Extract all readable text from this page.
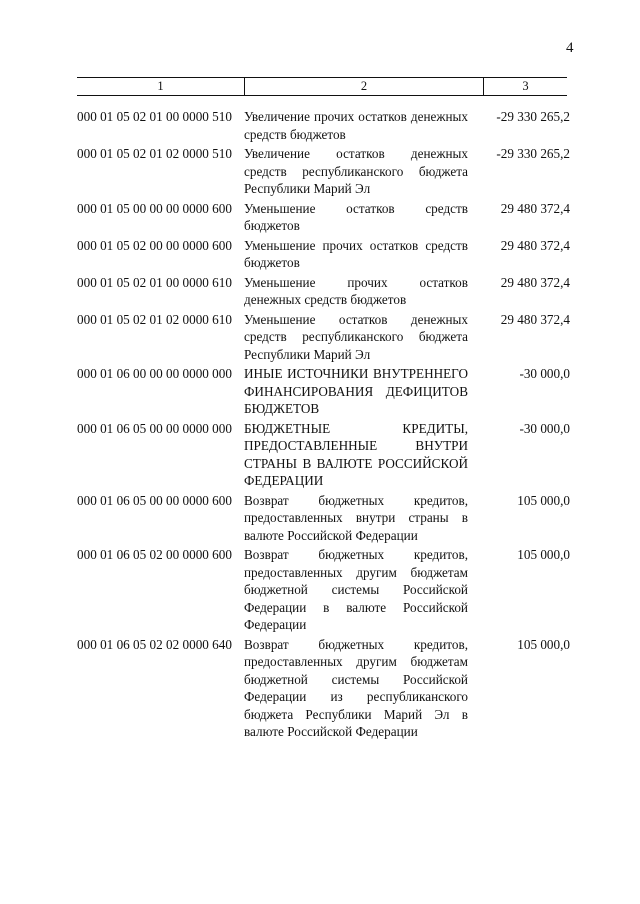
4
1	2	3
000 01 05 02 01 00 0000 510 Увеличение прочих остатков денежных средств бюджетов
-29 330 265,2
000 01 05 02 01 02 0000 510 Увеличение остатков денежных средств республиканского бюджета Республики Марий Эл
-29 330 265,2
000 01 05 00 00 00 0000 600 Уменьшение остатков средств бюджетов
29 480 372,4
000 01 05 02 00 00 0000 600 Уменьшение прочих остатков средств бюджетов
29 480 372,4
000 01 05 02 01 00 0000 610 Уменьшение прочих остатков денежных средств бюджетов
29 480 372,4
000 01 05 02 01 02 0000 610 Уменьшение остатков денежных средств республиканского бюджета Республики Марий Эл
29 480 372,4
000 01 06 00 00 00 0000 000 ИНЫЕ ИСТОЧНИКИ ВНУТРЕННЕГО ФИНАНСИРОВАНИЯ ДЕФИЦИТОВ БЮДЖЕТОВ
-30 000,0
000 01 06 05 00 00 0000 000 БЮДЖЕТНЫЕ КРЕДИТЫ, ПРЕДОСТАВЛЕННЫЕ ВНУТРИ СТРАНЫ В ВАЛЮТЕ РОССИЙСКОЙ ФЕДЕРАЦИИ
-30 000,0
000 01 06 05 00 00 0000 600 Возврат бюджетных кредитов, предоставленных внутри страны в валюте Российской Федерации
105 000,0
000 01 06 05 02 00 0000 600 Возврат бюджетных кредитов, предоставленных другим бюджетам бюджетной системы Российской Федерации в валюте Российской Федерации
105 000,0
000 01 06 05 02 02 0000 640 Возврат бюджетных кредитов, предоставленных другим бюджетам бюджетной системы Российской Федерации из республиканского бюджета Республики Марий Эл в валюте Российской Федерации
105 000,0
